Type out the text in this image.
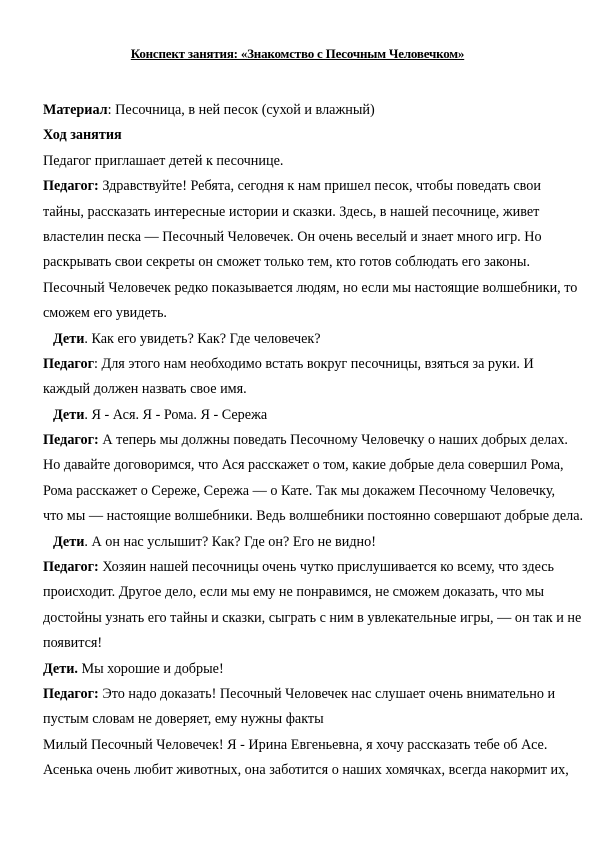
Конспект занятия: «Знакомство с Песочным Человечком»
Материал: Песочница, в ней песок (сухой и влажный)
Ход занятия
Педагог приглашает детей к песочнице.
Педагог: Здравствуйте! Ребята, сегодня к нам пришел песок, чтобы поведать свои
тайны, рассказать интересные истории и сказки. Здесь, в нашей песочнице, живет
властелин песка — Песочный Человечек. Он очень веселый и знает много игр. Но
раскрывать свои секреты он сможет только тем, кто готов соблюдать его законы.
Песочный Человечек редко показывается людям, но если мы настоящие волшебники, то
сможем его увидеть.
Дети. Как его увидеть? Как? Где человечек?
Педагог: Для этого нам необходимо встать вокруг песочницы, взяться за руки. И
каждый должен назвать свое имя.
Дети. Я - Ася. Я - Рома. Я - Сережа
Педагог: А теперь мы должны поведать Песочному Человечку о наших добрых делах.
Но давайте договоримся, что Ася расскажет о том, какие добрые дела совершил Рома,
Рома расскажет о Сереже, Сережа — о Кате. Так мы докажем Песочному Человечку,
что мы — настоящие волшебники. Ведь волшебники постоянно совершают добрые дела.
Дети. А он нас услышит? Как? Где он? Его не видно!
Педагог: Хозяин нашей песочницы очень чутко прислушивается ко всему, что здесь
происходит. Другое дело, если мы ему не понравимся, не сможем доказать, что мы
достойны узнать его тайны и сказки, сыграть с ним в увлекательные игры, — он так и не
появится!
Дети. Мы хорошие и добрые!
Педагог: Это надо доказать! Песочный Человечек нас слушает очень внимательно и
пустым словам не доверяет, ему нужны факты
Милый Песочный Человечек! Я - Ирина Евгеньевна, я хочу рассказать тебе об Асе.
Асенька очень любит животных, она заботится о наших хомячках, всегда накормит их,
